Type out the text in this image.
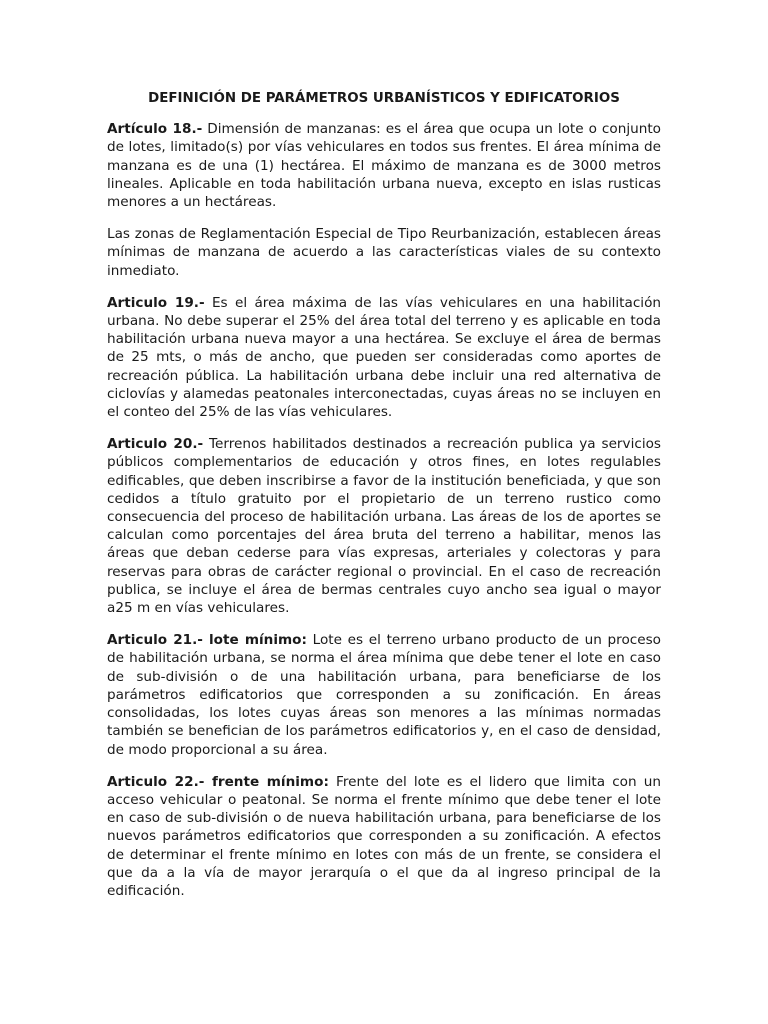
DEFINICIÓN DE PARÁMETROS URBANÍSTICOS Y EDIFICATORIOS

Artículo 18.- Dimensión de manzanas: es el área que ocupa un lote o conjunto de lotes, limitado(s) por vías vehiculares en todos sus frentes. El área mínima de manzana es de una (1) hectárea. El máximo de manzana es de 3000 metros lineales. Aplicable en toda habilitación urbana nueva, excepto en islas rusticas menores a un hectáreas.

Las zonas de Reglamentación Especial de Tipo Reurbanización, establecen áreas mínimas de manzana de acuerdo a las características viales de su contexto inmediato.

Articulo 19.- Es el área máxima de las vías vehiculares en una habilitación urbana. No debe superar el 25% del área total del terreno y es aplicable en toda habilitación urbana nueva mayor a una hectárea. Se excluye el área de bermas de 25 mts, o más de ancho, que pueden ser consideradas como aportes de recreación pública. La habilitación urbana debe incluir una red alternativa de ciclovías y alamedas peatonales interconectadas, cuyas áreas no se incluyen en el conteo del 25% de las vías vehiculares.

Articulo 20.- Terrenos habilitados destinados a recreación publica ya servicios públicos complementarios de educación y otros fines, en lotes regulables edificables, que deben inscribirse a favor de la institución beneficiada, y que son cedidos a título gratuito por el propietario de un terreno rustico como consecuencia del proceso de habilitación urbana. Las áreas de los de aportes se calculan como porcentajes del área bruta del terreno a habilitar, menos las áreas que deban cederse para vías expresas, arteriales y colectoras y para reservas para obras de carácter regional o provincial. En el caso de recreación publica, se incluye el área de bermas centrales cuyo ancho sea igual o mayor a25 m en vías vehiculares.

Articulo 21.- lote mínimo: Lote es el terreno urbano producto de un proceso de habilitación urbana, se norma el área mínima que debe tener el lote en caso de sub-división o de una habilitación urbana, para beneficiarse de los parámetros edificatorios que corresponden a su zonificación. En áreas consolidadas, los lotes cuyas áreas son menores a las mínimas normadas también se benefician de los parámetros edificatorios y, en el caso de densidad, de modo proporcional a su área.

Articulo 22.- frente mínimo: Frente del lote es el lidero que limita con un acceso vehicular o peatonal. Se norma el frente mínimo que debe tener el lote en caso de sub-división o de nueva habilitación urbana, para beneficiarse de los nuevos parámetros edificatorios que corresponden a su zonificación. A efectos de determinar el frente mínimo en lotes con más de un frente, se considera el que da a la vía de mayor jerarquía o el que da al ingreso principal de la edificación.
